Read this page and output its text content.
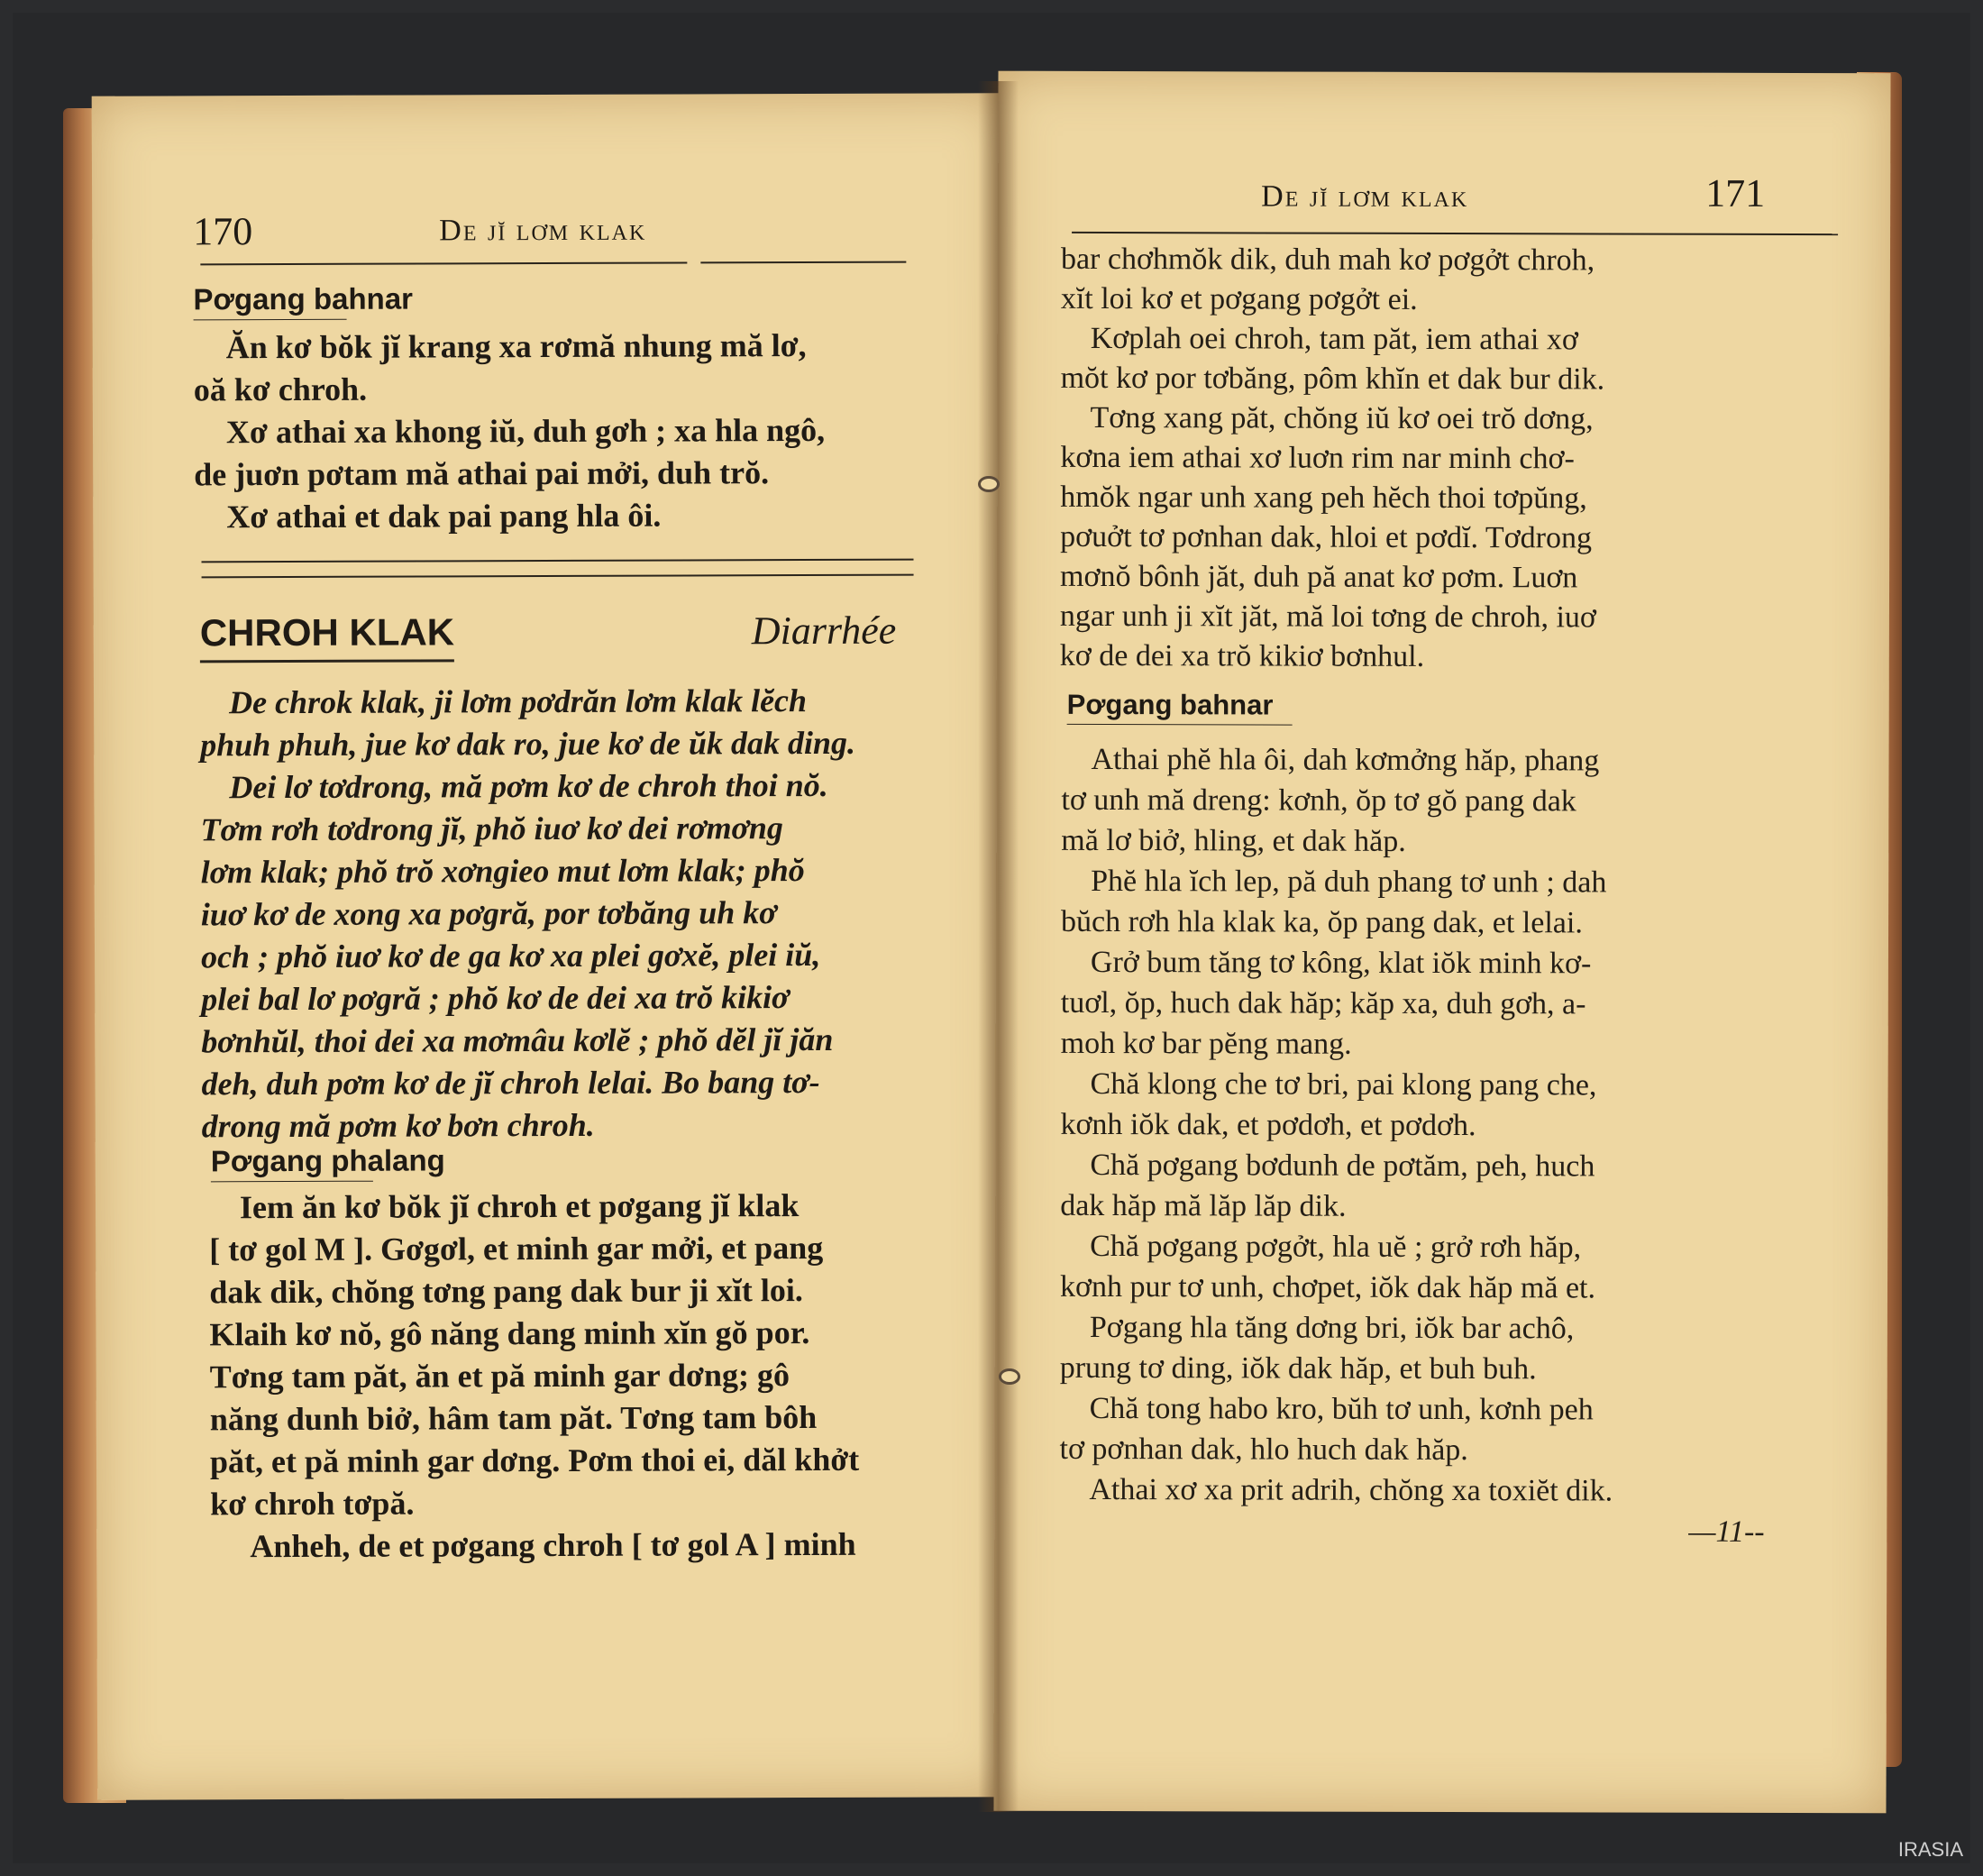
170	De jĭ lơm klak
Pơgang bahnar
Ăn kơ bŏk jĭ krang xa rơmă nhung mă lơ,
oă kơ chroh.
Xơ athai xa khong iŭ, duh gơh ; xa hla ngô,
de juơn pơtam mă athai pai mởi, duh trŏ.
Xơ athai et dak pai pang hla ôi.
CHROH KLAK	Diarrhée
De chrok klak, ji lơm pơdrăn lơm klak lĕch
phuh phuh, jue kơ dak ro, jue kơ de ŭk dak ding.
Dei lơ tơdrong, mă pơm kơ de chroh thoi nŏ.
Tơm rơh tơdrong jĭ, phŏ iuơ kơ dei rơmơng
lơm klak; phŏ trŏ xơngieo mut lơm klak; phŏ
iuơ kơ de xong xa pơgră, por tơbăng uh kơ
och ; phŏ iuơ kơ de ga kơ xa plei gơxĕ, plei iŭ,
plei bal lơ pơgră ; phŏ kơ de dei xa trŏ kikiơ
bơnhŭl, thoi dei xa mơmâu kơlĕ ; phŏ dĕl jĭ jăn
deh, duh pơm kơ de jĭ chroh lelai. Bo bang tơ-
drong mă pơm kơ bơn chroh.
Pơgang phalang
Iem ăn kơ bŏk jĭ chroh et pơgang jĭ klak
[ tơ gol M ]. Gơgơl, et minh gar mởi, et pang
dak dik, chŏng tơng pang dak bur ji xĭt loi.
Klaih kơ nŏ, gô năng dang minh xĭn gŏ por.
Tơng tam păt, ăn et pă minh gar dơng; gô
năng dunh biở, hâm tam păt. Tơng tam bôh
păt, et pă minh gar dơng. Pơm thoi ei, dăl khởt
kơ chroh tơpă.
Anheh, de et pơgang chroh [ tơ gol A ] minh
De jĭ lơm klak	171
bar chơhmŏk dik, duh mah kơ pơgởt chroh,
xĭt loi kơ et pơgang pơgởt ei.
Kơplah oei chroh, tam păt, iem athai xơ
mŏt kơ por tơbăng, pôm khĭn et dak bur dik.
Tơng xang păt, chŏng iŭ kơ oei trŏ dơng,
kơna iem athai xơ luơn rim nar minh chơ-
hmŏk ngar unh xang peh hĕch thoi tơpŭng,
pơuởt tơ pơnhan dak, hloi et pơdĭ. Tơdrong
mơnŏ bônh jăt, duh pă anat kơ pơm. Luơn
ngar unh ji xĭt jăt, mă loi tơng de chroh, iuơ
kơ de dei xa trŏ kikiơ bơnhul.
Pơgang bahnar
Athai phĕ hla ôi, dah kơmởng hăp, phang
tơ unh mă dreng: kơnh, ŏp tơ gŏ pang dak
mă lơ biở, hling, et dak hăp.
Phĕ hla ĭch lep, pă duh phang tơ unh ; dah
bŭch rơh hla klak ka, ŏp pang dak, et lelai.
Grở bum tăng tơ kông, klat iŏk minh kơ-
tuơl, ŏp, huch dak hăp; kăp xa, duh gơh, a-
moh kơ bar pĕng mang.
Chă klong che tơ bri, pai klong pang che,
kơnh iŏk dak, et pơdơh, et pơdơh.
Chă pơgang bơdunh de pơtăm, peh, huch
dak hăp mă lăp lăp dik.
Chă pơgang pơgởt, hla uĕ ; grở rơh hăp,
kơnh pur tơ unh, chơpet, iŏk dak hăp mă et.
Pơgang hla tăng dơng bri, iŏk bar achô,
prung tơ ding, iŏk dak hăp, et buh buh.
Chă tong habo kro, bŭh tơ unh, kơnh peh
tơ pơnhan dak, hlo huch dak hăp.
Athai xơ xa prit adrih, chŏng xa toxiĕt dik.
—11--
IRASIA
